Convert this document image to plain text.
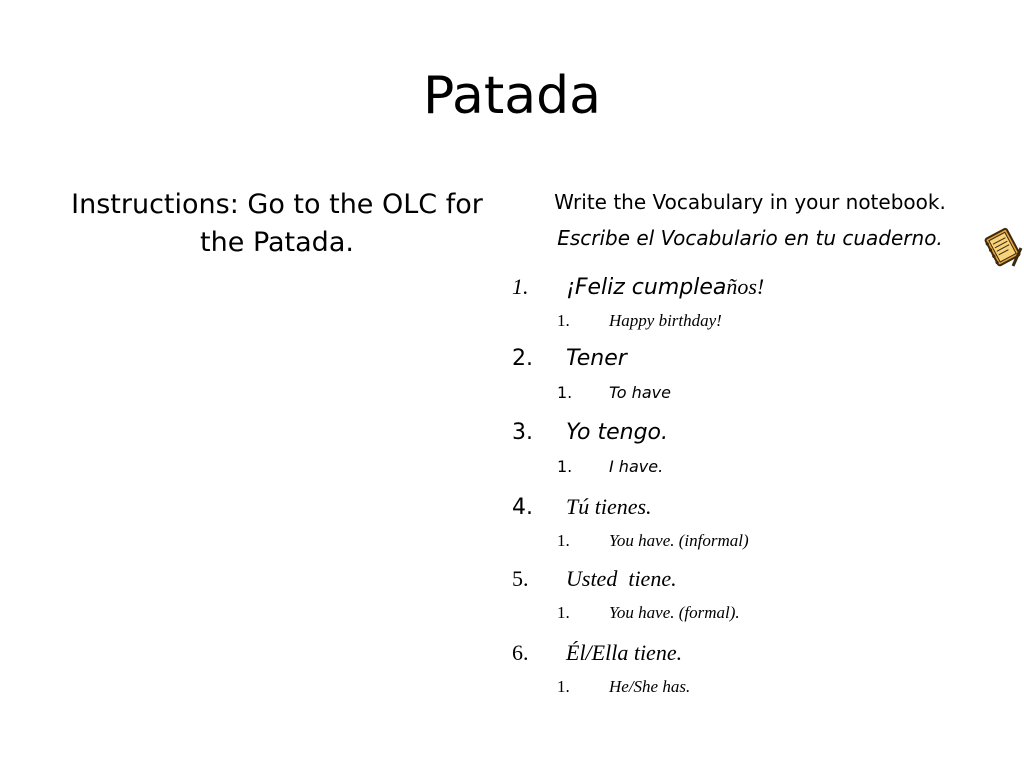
Patada
Instructions: Go to the OLC for the Patada.
Write the Vocabulary in your notebook.
Escribe el Vocabulario en tu cuaderno.
1. ¡Feliz cumpleaños!
1. Happy birthday!
2. Tener
1. To have
3. Yo tengo.
1. I have.
4. Tú tienes.
1. You have. (informal)
5. Usted  tiene.
1. You have. (formal).
6. Él/Ella tiene.
1. He/She has.
